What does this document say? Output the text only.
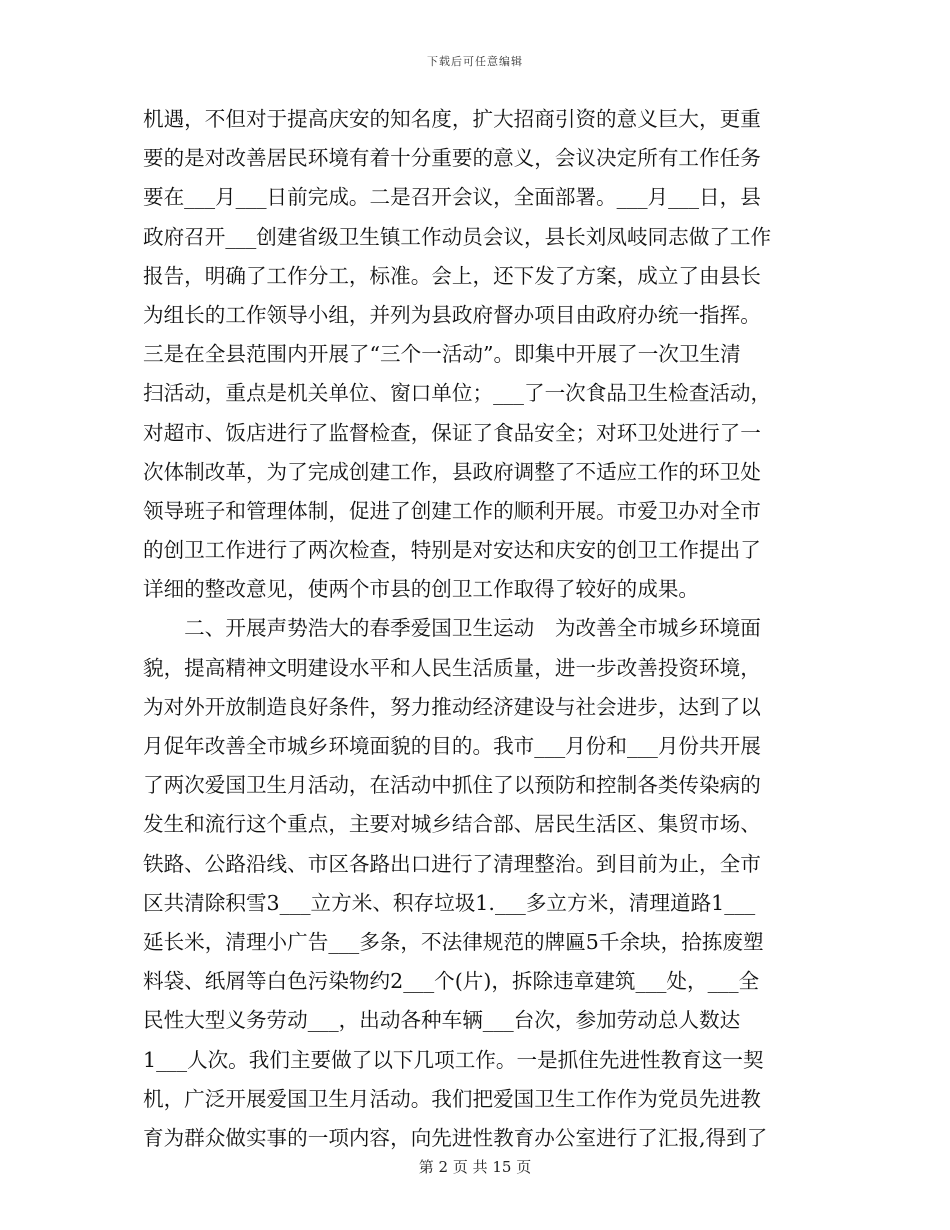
下载后可任意编辑
机遇，不但对于提高庆安的知名度，扩大招商引资的意义巨大，更重
要的是对改善居民环境有着十分重要的意义，会议决定所有工作任务
要在___月___日前完成。二是召开会议，全面部署。___月___日，县
政府召开___创建省级卫生镇工作动员会议，县长刘凤岐同志做了工作
报告，明确了工作分工，标准。会上，还下发了方案，成立了由县长
为组长的工作领导小组，并列为县政府督办项目由政府办统一指挥。
三是在全县范围内开展了“三个一活动”。即集中开展了一次卫生清
扫活动，重点是机关单位、窗口单位；___了一次食品卫生检查活动，
对超市、饭店进行了监督检查，保证了食品安全；对环卫处进行了一
次体制改革，为了完成创建工作，县政府调整了不适应工作的环卫处
领导班子和管理体制，促进了创建工作的顺利开展。市爱卫办对全市
的创卫工作进行了两次检查，特别是对安达和庆安的创卫工作提出了
详细的整改意见，使两个市县的创卫工作取得了较好的成果。
　　二、开展声势浩大的春季爱国卫生运动　为改善全市城乡环境面
貌，提高精神文明建设水平和人民生活质量，进一步改善投资环境，
为对外开放制造良好条件，努力推动经济建设与社会进步，达到了以
月促年改善全市城乡环境面貌的目的。我市___月份和___月份共开展
了两次爱国卫生月活动，在活动中抓住了以预防和控制各类传染病的
发生和流行这个重点，主要对城乡结合部、居民生活区、集贸市场、
铁路、公路沿线、市区各路出口进行了清理整治。到目前为止，全市
区共清除积雪3___立方米、积存垃圾1.___多立方米，清理道路1___
延长米，清理小广告___多条，不法律规范的牌匾5千余块，拾拣废塑
料袋、纸屑等白色污染物约2___个(片)，拆除违章建筑___处，___全
民性大型义务劳动___，出动各种车辆___台次，参加劳动总人数达
1___人次。我们主要做了以下几项工作。一是抓住先进性教育这一契
机，广泛开展爱国卫生月活动。我们把爱国卫生工作作为党员先进教
育为群众做实事的一项内容，向先进性教育办公室进行了汇报,得到了
第 2 页 共 15 页
